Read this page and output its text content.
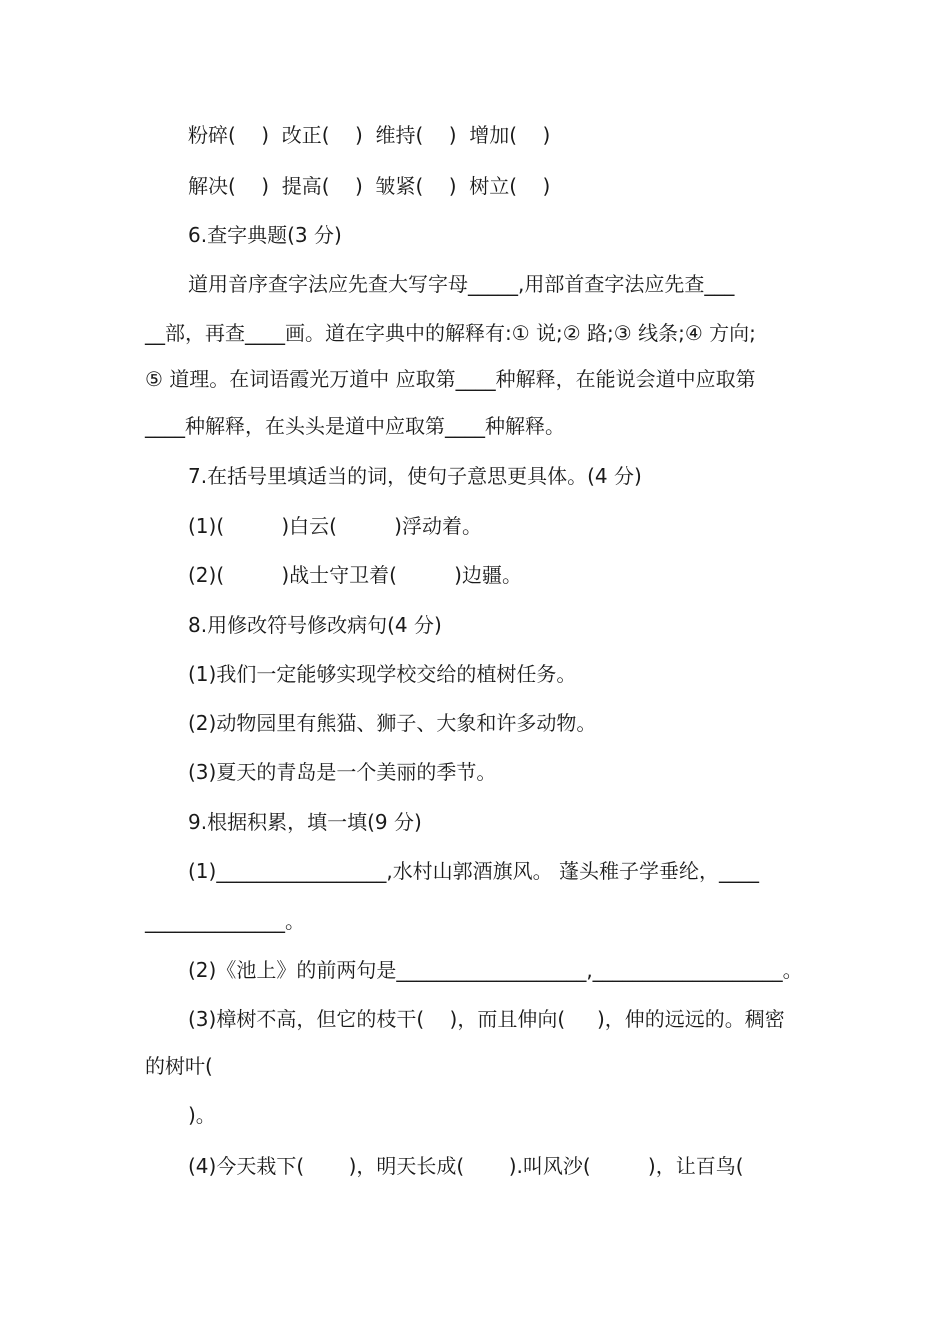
粉碎(    )  改正(    )  维持(    )  增加(    )
解决(    )  提高(    )  皱紧(    )  树立(    )
6.查字典题(3 分)
道用音序查字法应先查大写字母_____,用部首查字法应先查___
__部，再查____画。道在字典中的解释有:① 说;② 路;③ 线条;④ 方向;
⑤ 道理。在词语霞光万道中 应取第____种解释，在能说会道中应取第
____种解释，在头头是道中应取第____种解释。
7.在括号里填适当的词，使句子意思更具体。(4 分)
(1)(         )白云(         )浮动着。
(2)(         )战士守卫着(         )边疆。
8.用修改符号修改病句(4 分)
(1)我们一定能够实现学校交给的植树任务。
(2)动物园里有熊猫、狮子、大象和许多动物。
(3)夏天的青岛是一个美丽的季节。
9.根据积累，填一填(9 分)
(1)_________________,水村山郭酒旗风。 蓬头稚子学垂纶，____
______________。
(2)《池上》的前两句是___________________,___________________。
(3)樟树不高，但它的枝干(    )，而且伸向(     )，伸的远远的。稠密
的树叶(
)。
(4)今天栽下(       )，明天长成(       ).叫风沙(         )，让百鸟(
